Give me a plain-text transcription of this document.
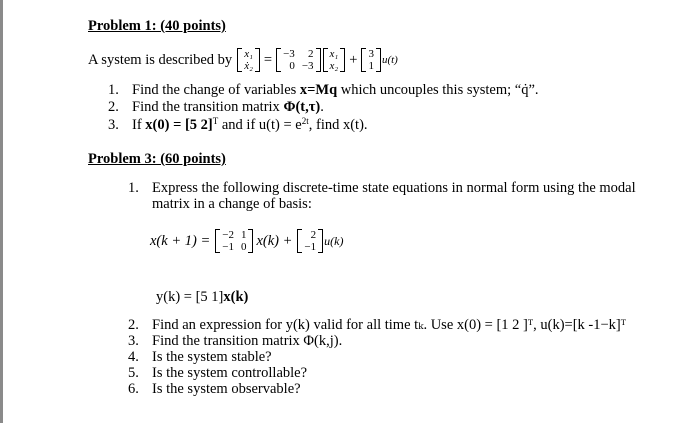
Problem 1: (40 points)
A system is described by x₁
ẋ₂ = −3	2
0 −3
x₁
x₂ + 3
1 u(t)
1. Find the change of variables x=Mq which uncouples this system; “q̇”.
2. Find the transition matrix Φ(t,τ).
3. If x(0) = [5 2]$^T$ and if $u(t) = e^{2t}$, find x(t).
Problem 3: (60 points)
1. Express the following discrete-time state equations in normal form using the modal
matrix in a change of basis:
x(k + 1) = −2 1
−1 0 x(k) +	2
−1 u(k)
y(k) = [5 1]x(k)
2. Find an expression for y(k) valid for all time tₖ. Use x(0) = [1 2 ]ᵀ, u(k)=[k -1−k]ᵀ
3. Find the transition matrix Φ(k,j).
4. Is the system stable?
5. Is the system controllable?
6. Is the system observable?
